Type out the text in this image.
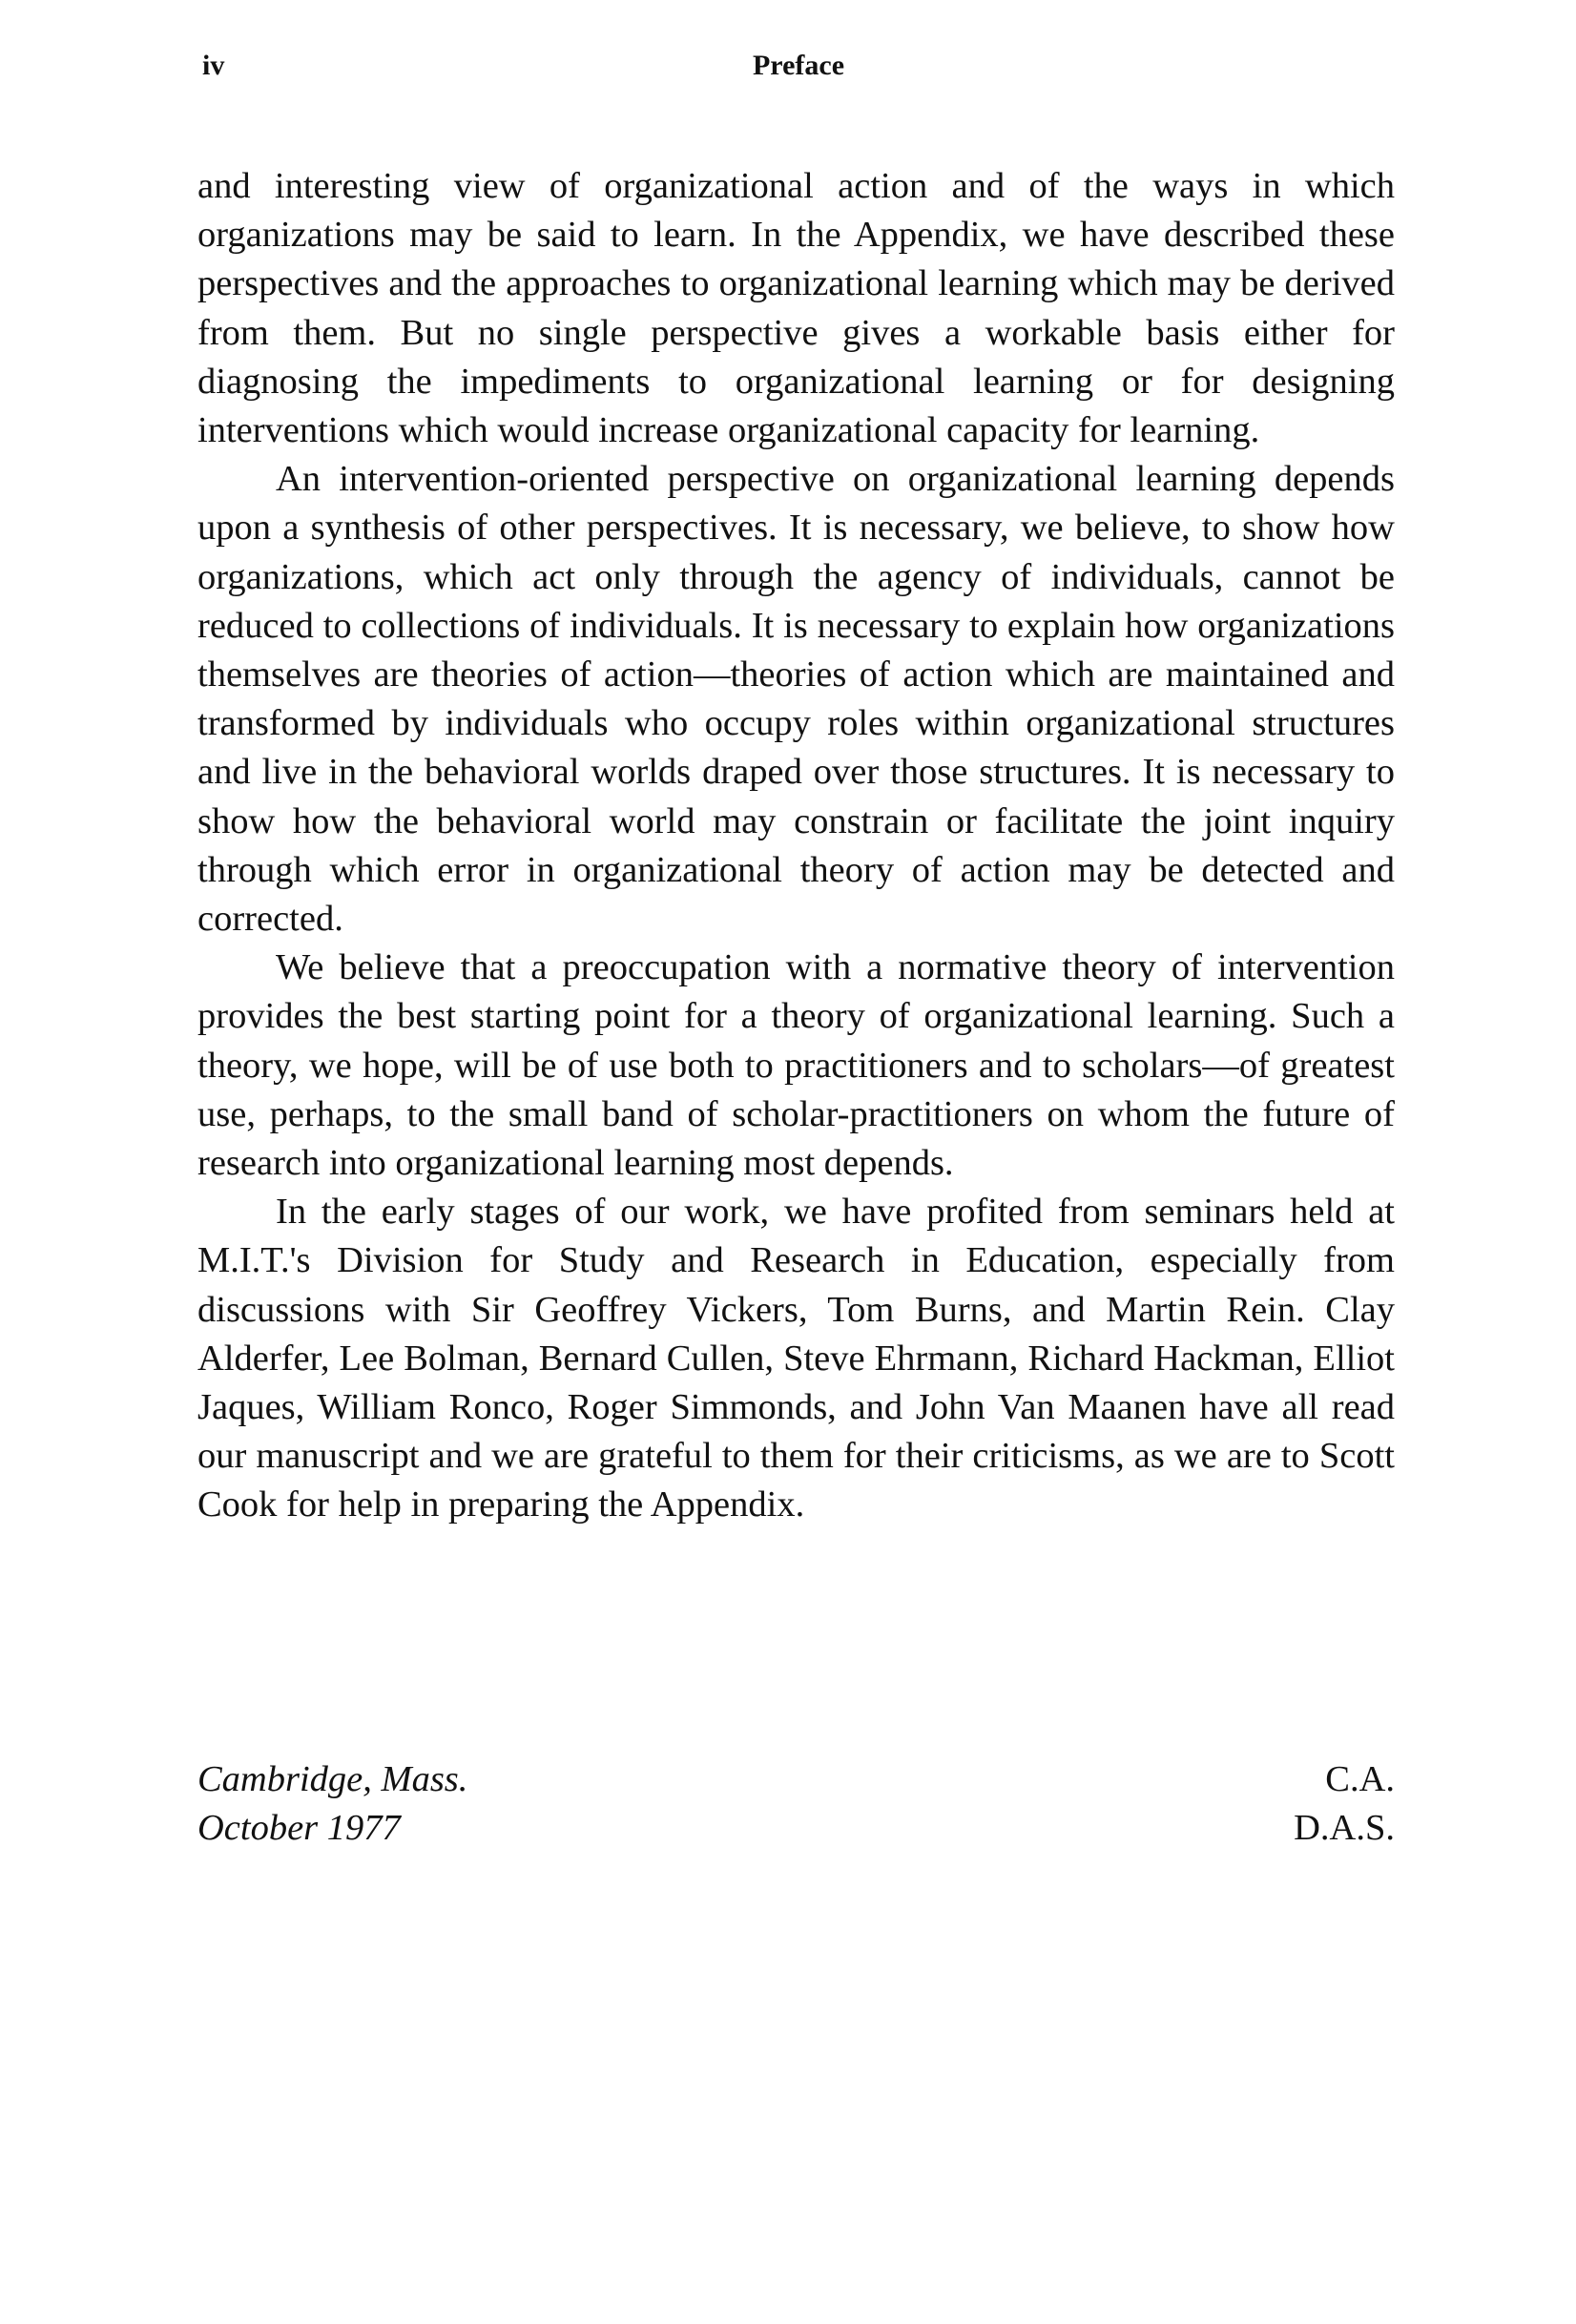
iv	Preface

and interesting view of organizational action and of the ways in which organizations may be said to learn. In the Appendix, we have described these perspectives and the approaches to organizational learning which may be derived from them. But no single perspective gives a workable basis either for diagnosing the impediments to organizational learning or for designing interventions which would increase organizational capacity for learning.

An intervention-oriented perspective on organizational learning depends upon a synthesis of other perspectives. It is necessary, we believe, to show how organizations, which act only through the agency of individuals, cannot be reduced to collections of individuals. It is necessary to explain how organizations themselves are theories of action—theories of action which are maintained and transformed by individuals who occupy roles within organizational structures and live in the behavioral worlds draped over those structures. It is necessary to show how the behavioral world may constrain or facilitate the joint inquiry through which error in organizational theory of action may be detected and corrected.

We believe that a preoccupation with a normative theory of intervention provides the best starting point for a theory of organizational learning. Such a theory, we hope, will be of use both to practitioners and to scholars—of greatest use, perhaps, to the small band of scholar-practitioners on whom the future of research into organizational learning most depends.

In the early stages of our work, we have profited from seminars held at M.I.T.'s Division for Study and Research in Education, especially from discussions with Sir Geoffrey Vickers, Tom Burns, and Martin Rein. Clay Alderfer, Lee Bolman, Bernard Cullen, Steve Ehrmann, Richard Hackman, Elliot Jaques, William Ronco, Roger Simmonds, and John Van Maanen have all read our manuscript and we are grateful to them for their criticisms, as we are to Scott Cook for help in preparing the Appendix.

Cambridge, Mass.	C.A.
October 1977	D.A.S.
